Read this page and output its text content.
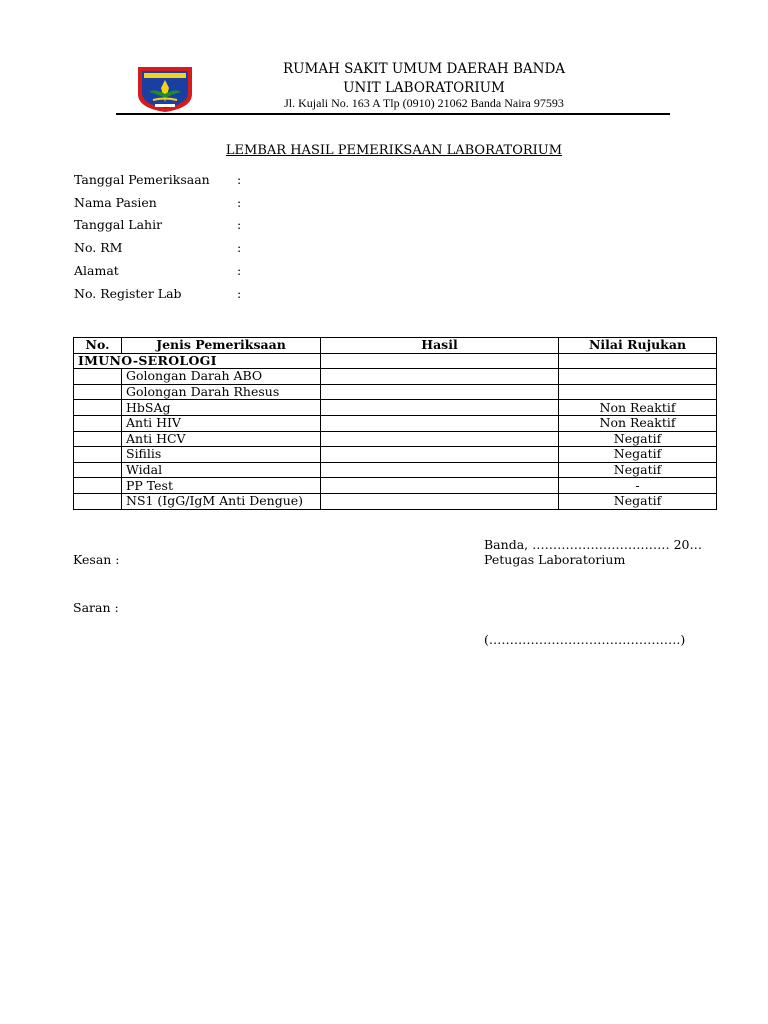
RUMAH SAKIT UMUM DAERAH BANDA
UNIT LABORATORIUM
Jl. Kujali No. 163 A Tlp (0910) 21062 Banda Naira 97593
LEMBAR HASIL PEMERIKSAAN LABORATORIUM
Tanggal Pemeriksaan :
Nama Pasien	:
Tanggal Lahir	:
No. RM	:
Alamat	:
No. Register Lab	:
No.	Jenis Pemeriksaan	Hasil	Nilai Rujukan
IMUNO-SEROLOGI			
	Golongan Darah ABO		
	Golongan Darah Rhesus		
	HbSAg		Non Reaktif
	Anti HIV		Non Reaktif
	Anti HCV		Negatif
	Sifilis		Negatif
	Widal		Negatif
	PP Test		-
	NS1 (IgG/IgM Anti Dengue)		Negatif
Banda, …………………………… 20…
Kesan :	Petugas Laboratorium
Saran :
(……………………………………….)
